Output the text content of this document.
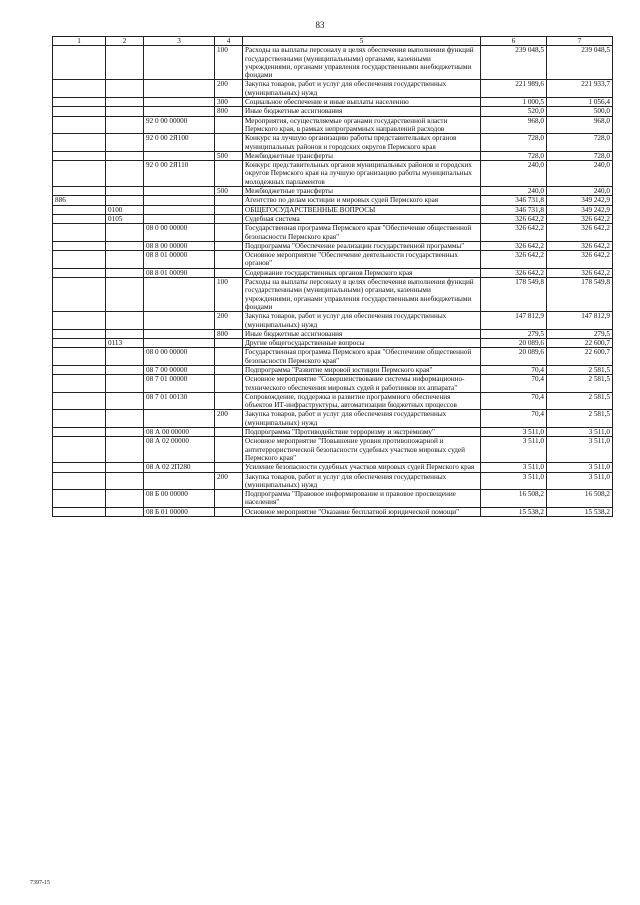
83
1	2	3	4	5	6	7
			100	Расходы на выплаты персоналу в целях обеспечения выполнения функций государственными (муниципальными) органами, казенными учреждениями, органами управления государственными внебюджетными фондами	239 048,5	239 048,5
			200	Закупка товаров, работ и услуг для обеспечения государственных (муниципальных) нужд	221 989,6	221 933,7
			300	Социальное обеспечение и иные выплаты населению	1 000,5	1 056,4
			800	Иные бюджетные ассигнования	520,0	500,0
		92 0 00 00000		Мероприятия, осуществляемые органами государственной власти Пермского края, в рамках непрограммных направлений расходов	968,0	968,0
		92 0 00 2Я100		Конкурс на лучшую организацию работы представительных органов муниципальных районов и городских округов Пермского края	728,0	728,0
			500	Межбюджетные трансферты	728,0	728,0
		92 0 00 2Я110		Конкурс представительных органов муниципальных районов и городских округов Пермского края на лучшую организацию работы муниципальных молодежных парламентов	240,0	240,0
			500	Межбюджетные трансферты	240,0	240,0
886				Агентство по делам юстиции и мировых судей Пермского края	346 731,8	349 242,9
	0100			ОБЩЕГОСУДАРСТВЕННЫЕ ВОПРОСЫ	346 731,8	349 242,9
	0105			Судебная система	326 642,2	326 642,2
		08 0 00 00000		Государственная программа Пермского края "Обеспечение общественной безопасности Пермского края"	326 642,2	326 642,2
		08 8 00 00000		Подпрограмма "Обеспечение реализации государственной программы"	326 642,2	326 642,2
		08 8 01 00000		Основное мероприятие "Обеспечение деятельности государственных органов"	326 642,2	326 642,2
		08 8 01 00090		Содержание государственных органов Пермского края	326 642,2	326 642,2
			100	Расходы на выплаты персоналу в целях обеспечения выполнения функций государственными (муниципальными) органами, казенными учреждениями, органами управления государственными внебюджетными фондами	178 549,8	178 549,8
			200	Закупка товаров, работ и услуг для обеспечения государственных (муниципальных) нужд	147 812,9	147 812,9
			800	Иные бюджетные ассигнования	279,5	279,5
	0113			Другие общегосударственные вопросы	20 089,6	22 600,7
		08 0 00 00000		Государственная программа Пермского края "Обеспечение общественной безопасности Пермского края"	20 089,6	22 600,7
		08 7 00 00000		Подпрограмма "Развитие мировой юстиции Пермского края"	70,4	2 581,5
		08 7 01 00000		Основное мероприятие "Совершенствование системы информационно-технического обеспечения мировых судей и работников их аппарата"	70,4	2 581,5
		08 7 01 00130		Сопровождение, поддержка и развитие программного обеспечения объектов ИТ-инфраструктуры, автоматизации бюджетных процессов	70,4	2 581,5
			200	Закупка товаров, работ и услуг для обеспечения государственных (муниципальных) нужд	70,4	2 581,5
		08 А 00 00000		Подпрограмма "Противодействие терроризму и экстремизму"	3 511,0	3 511,0
		08 А 02 00000		Основное мероприятие "Повышение уровня противопожарной и антитеррористической безопасности судебных участков мировых судей Пермского края"	3 511,0	3 511,0
		08 А 02 2П280		Усиление безопасности судебных участков мировых судей Пермского края	3 511,0	3 511,0
			200	Закупка товаров, работ и услуг для обеспечения государственных (муниципальных) нужд	3 511,0	3 511,0
		08 Б 00 00000		Подпрограмма "Правовое информирование и правовое просвещение населения"	16 508,2	16 508,2
		08 Б 01 00000		Основное мероприятие "Оказание бесплатной юридической помощи"	15 538,2	15 538,2
7397-15
